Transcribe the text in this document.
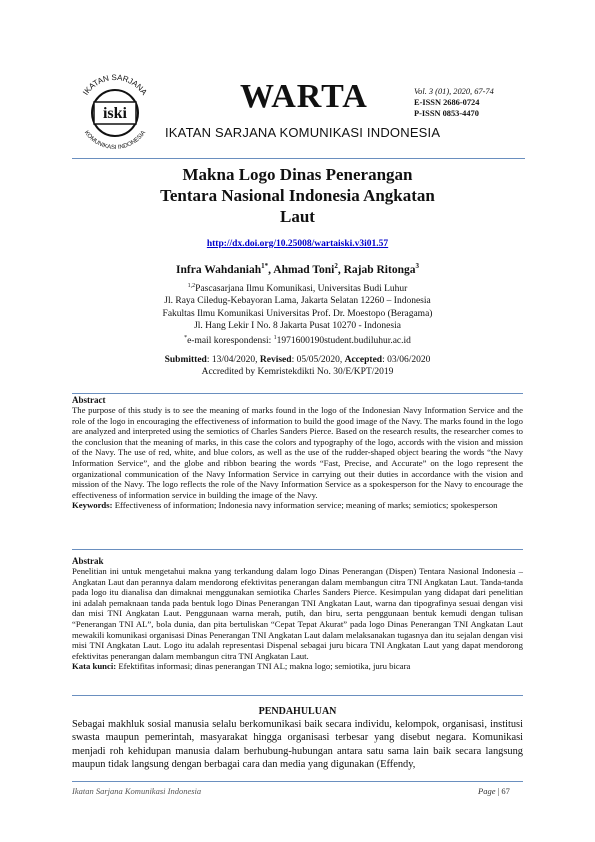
iski
IKATAN SARJANA
KOMUNIKASI INDONESIA
WARTA	Vol. 3 (01), 2020, 67-74
E-ISSN 2686-0724
P-ISSN 0853-4470
IKATAN SARJANA KOMUNIKASI INDONESIA
Makna Logo Dinas Penerangan
Tentara Nasional Indonesia Angkatan
Laut
http://dx.doi.org/10.25008/wartaiski.v3i01.57
Infra Wahdaniah$^{1*}$, Ahmad Toni$^2$, Rajab Ritonga$^3$
$^{1,2}$Pascasarjana Ilmu Komunikasi, Universitas Budi Luhur
Jl. Raya Ciledug-Kebayoran Lama, Jakarta Selatan 12260 – Indonesia
Fakultas Ilmu Komunikasi Universitas Prof. Dr. Moestopo (Beragama)
Jl. Hang Lekir I No. 8 Jakarta Pusat 10270 - Indonesia
*e-mail korespondensi: $^1$1971600190student.budiluhur.ac.id
Submitted: 13/04/2020, Revised: 05/05/2020, Accepted: 03/06/2020
Accredited by Kemristekdikti No. 30/E/KPT/2019
Abstract
The purpose of this study is to see the meaning of marks found in the logo of the Indonesian Navy Information Service and the role of the logo in encouraging the effectiveness of information to build the good image of the Navy. The marks found in the logo are analyzed and interpreted using the semiotics of Charles Sanders Pierce. Based on the research results, the researcher comes to the conclusion that the meaning of marks, in this case the colors and typography of the logo, accords with the vision and mission of the Navy. The use of red, white, and blue colors, as well as the use of the rudder-shaped object bearing the words “the Navy Information Service”, and the globe and ribbon bearing the words “Fast, Precise, and Accurate” on the logo represent the organizational communication of the Navy Information Service in carrying out their duties in accordance with the vision and mission of the Navy. The logo reflects the role of the Navy Information Service as a spokesperson for the Navy to encourage the effectiveness of information service in building the image of the Navy.
Keywords: Effectiveness of information; Indonesia navy information service; meaning of marks; semiotics; spokesperson
Abstrak
Penelitian ini untuk mengetahui makna yang terkandung dalam logo Dinas Penerangan (Dispen) Tentara Nasional Indonesia – Angkatan Laut dan perannya dalam mendorong efektivitas penerangan dalam membangun citra TNI Angkatan Laut. Tanda-tanda pada logo itu dianalisa dan dimaknai menggunakan semiotika Charles Sanders Pierce. Kesimpulan yang didapat dari penelitian ini adalah pemaknaan tanda pada bentuk logo Dinas Penerangan TNI Angkatan Laut, warna dan tipografinya sesuai dengan visi dan misi TNI Angkatan Laut. Penggunaan warna merah, putih, dan biru, serta penggunaan bentuk kemudi dengan tulisan “Penerangan TNI AL”, bola dunia, dan pita bertuliskan “Cepat Tepat Akurat” pada logo Dinas Penerangan TNI Angkatan Laut mewakili komunikasi organisasi Dinas Penerangan TNI Angkatan Laut dalam melaksanakan tugasnya dan itu sejalan dengan visi misi TNI Angkatan Laut. Logo itu adalah representasi Dispenal sebagai juru bicara TNI Angkatan Laut yang dapat mendorong efektivitas penerangan dalam membangun citra TNI Angkatan Laut.
Kata kunci: Efektifitas informasi; dinas penerangan TNI AL; makna logo; semiotika, juru bicara
PENDAHULUAN
Sebagai makhluk sosial manusia selalu berkomunikasi baik secara individu, kelompok, organisasi, institusi swasta maupun pemerintah, masyarakat hingga organisasi terbesar yang disebut negara. Komunikasi menjadi roh kehidupan manusia dalam berhubung-hubungan antara satu sama lain baik secara langsung maupun tidak langsung dengan berbagai cara dan media yang digunakan (Effendy,
Ikatan Sarjana Komunikasi Indonesia	Page | 67
